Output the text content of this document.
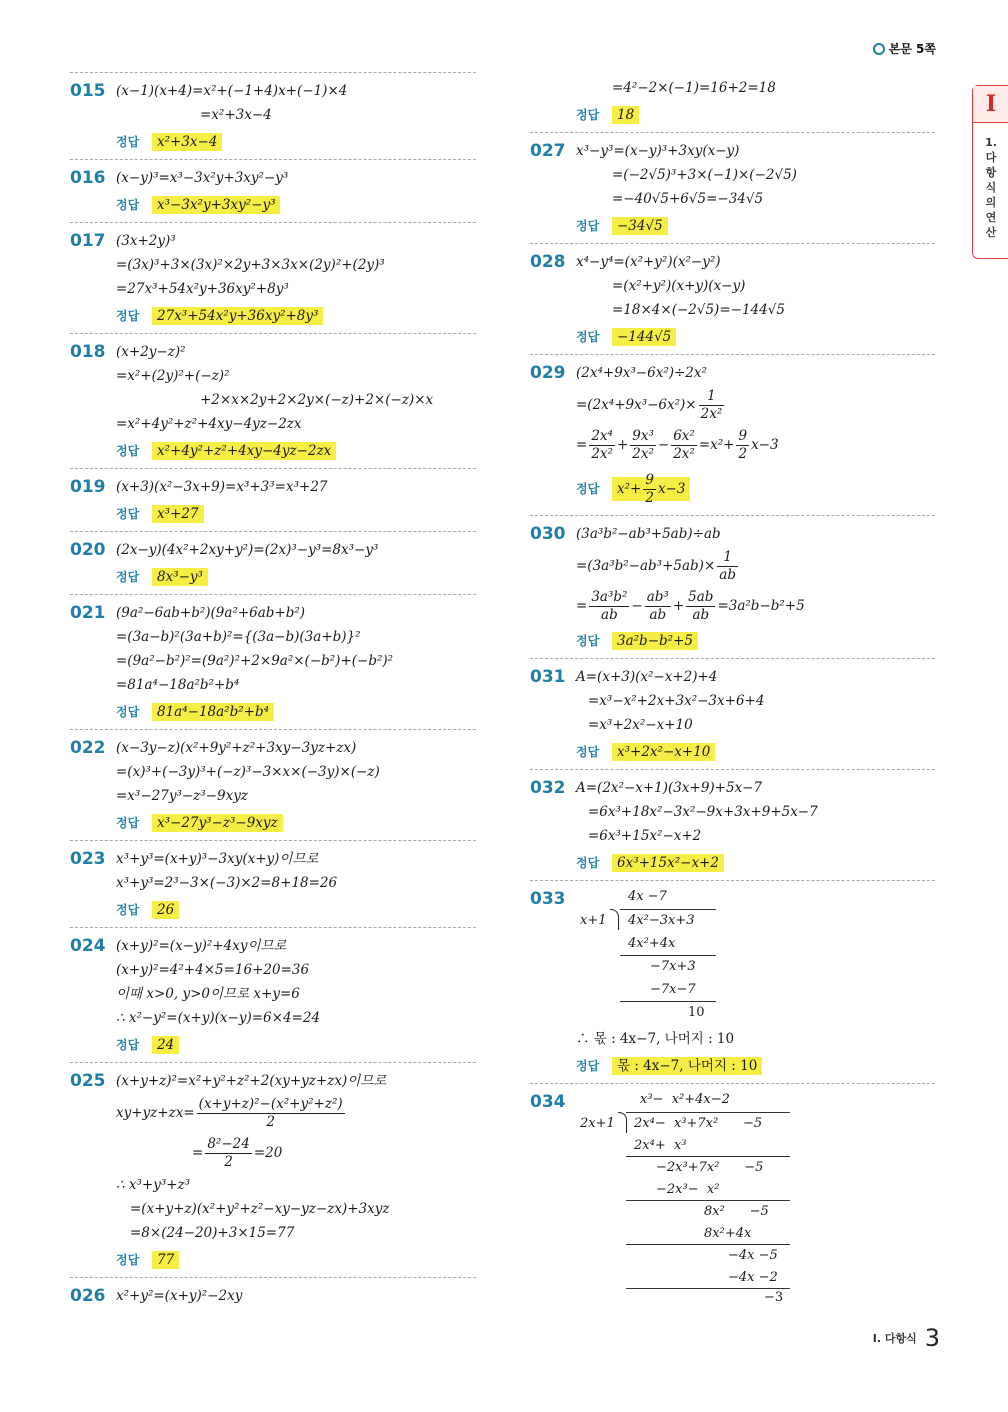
본문 5쪽
I
1.다항식의연산
015 (x−1)(x+4)=x²+(−1+4)x+(−1)×4
=x²+3x−4
정답 x²+3x−4
016 (x−y)³=x³−3x²y+3xy²−y³
정답 x³−3x²y+3xy²−y³
017 (3x+2y)³
=(3x)³+3×(3x)²×2y+3×3x×(2y)²+(2y)³
=27x³+54x²y+36xy²+8y³
정답 27x³+54x²y+36xy²+8y³
018 (x+2y−z)²
=x²+(2y)²+(−z)²
+2×x×2y+2×2y×(−z)+2×(−z)×x
=x²+4y²+z²+4xy−4yz−2zx
정답 x²+4y²+z²+4xy−4yz−2zx
019 (x+3)(x²−3x+9)=x³+3³=x³+27
정답 x³+27
020 (2x−y)(4x²+2xy+y²)=(2x)³−y³=8x³−y³
정답 8x³−y³
021 (9a²−6ab+b²)(9a²+6ab+b²)
=(3a−b)²(3a+b)²={(3a−b)(3a+b)}²
=(9a²−b²)²=(9a²)²+2×9a²×(−b²)+(−b²)²
=81a⁴−18a²b²+b⁴
정답 81a⁴−18a²b²+b⁴
022 (x−3y−z)(x²+9y²+z²+3xy−3yz+zx)
=(x)³+(−3y)³+(−z)³−3×x×(−3y)×(−z)
=x³−27y³−z³−9xyz
정답 x³−27y³−z³−9xyz
023 x³+y³=(x+y)³−3xy(x+y)이므로
x³+y³=2³−3×(−3)×2=8+18=26
정답 26
024 (x+y)²=(x−y)²+4xy이므로
(x+y)²=4²+4×5=16+20=36
이때 x>0, y>0이므로 x+y=6
∴ x²−y²=(x+y)(x−y)=6×4=24
정답 24
025 (x+y+z)²=x²+y²+z²+2(xy+yz+zx)이므로
$xy+yz+zx= \frac{\text{(x+y+z)²−(x²+y²+z²)}}{2}$
= $\frac{\text{8²−24}}{2} =20$
∴ x³+y³+z³
=(x+y+z)(x²+y²+z²−xy−yz−zx)+3xyz
=8×(24−20)+3×15=77
정답 77
026 x²+y²=(x+y)²−2xy
=4²−2×(−1)=16+2=18
정답 18
027 x³−y³=(x−y)³+3xy(x−y)
=(−2√5)³+3×(−1)×(−2√5)
=−40√5+6√5=−34√5
정답 −34√5
028 x⁴−y⁴=(x²+y²)(x²−y²)
=(x²+y²)(x+y)(x−y)
=18×4×(−2√5)=−144√5
정답 −144√5
029 (2x⁴+9x³−6x²)÷2x²
$=(2x^4+9x^3-6x^2)\times \frac{1}{\text{2x²}}$
= $\frac{\text{2x⁴}}{\text{2x²}} + \frac{\text{9x³}}{\text{2x²}} - \frac{\text{6x²}}{\text{2x²}} =x^2+ \frac{9}{2} x-3$
정답 $x^2+ \frac{9}{2} x-3$
030 (3a³b²−ab³+5ab)÷ab
$=(3a^3b^2-ab^3+5ab)\times \frac{1}{ab}$
= $\frac{\text{3a³b²}}{ab} - \frac{\text{ab³}}{ab} + \frac{5ab}{ab} =3a^2b-b^2+5$
정답 3a²b−b²+5
031 A=(x+3)(x²−x+2)+4
=x³−x²+2x+3x²−3x+6+4
=x³+2x²−x+10
정답 x³+2x²−x+10
032 A=(2x²−x+1)(3x+9)+5x−7
=6x³+18x²−3x²−9x+3x+9+5x−7
=6x³+15x²−x+2
정답 6x³+15x²−x+2
033	4x −7
x+1 4x²−3x+3
4x²+4x
−7x+3
−7x−7
10
∴ 몫 : 4x−7, 나머지 : 10
정답 몫 : 4x−7, 나머지 : 10
034	x³−  x²+4x−2
2x+1 2x⁴−  x³+7x²      −5
2x⁴+  x³
−2x³+7x²      −5
−2x³−  x²
8x²      −5
8x²+4x
−4x −5
−4x −2
−3
$^{I. 다항식}$ 3
